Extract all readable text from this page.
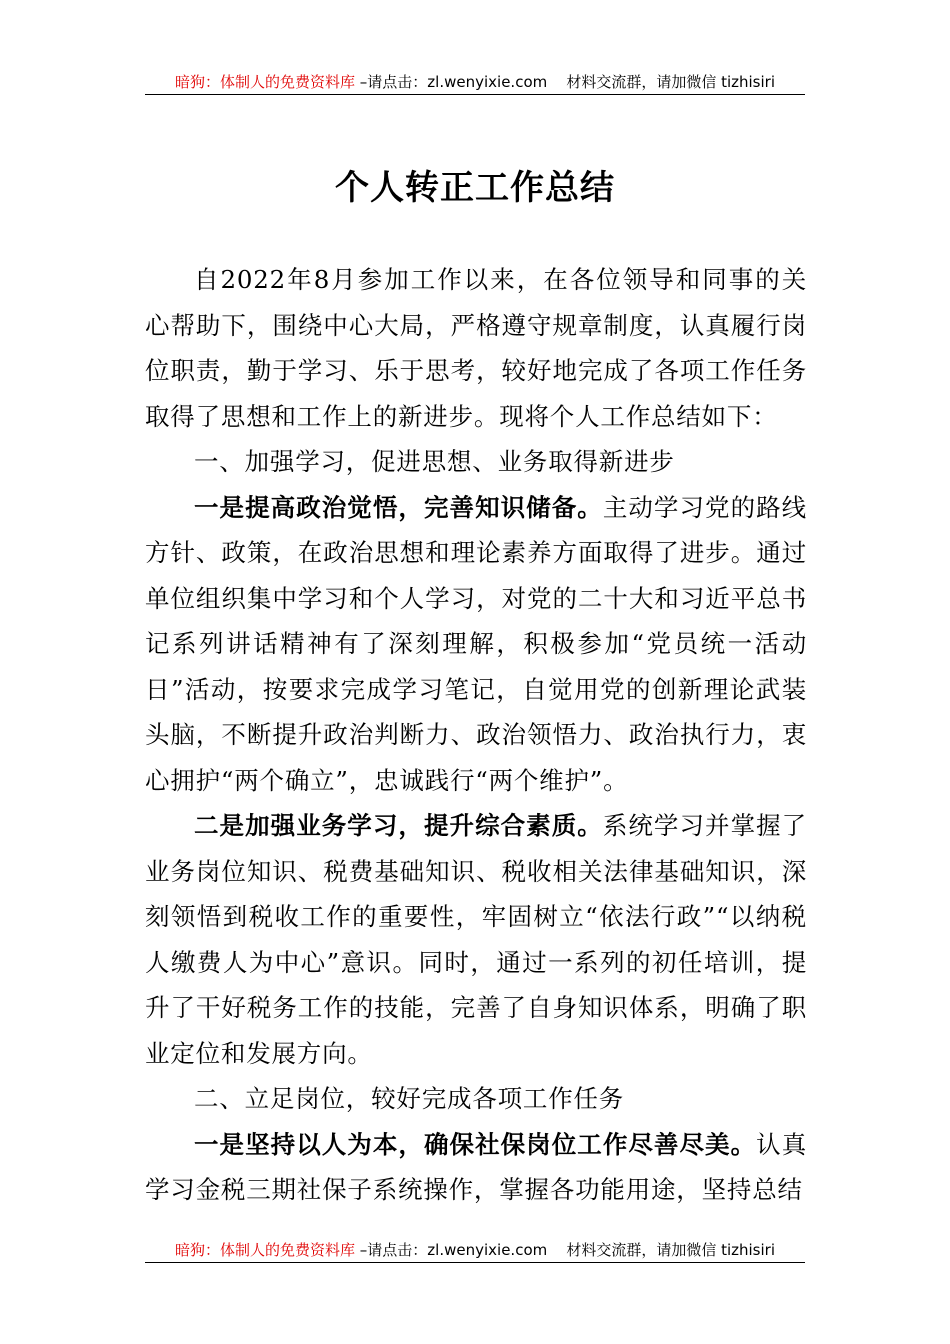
暗狗：体制人的免费资料库 –请点击：zl.wenyixie.com 材料交流群，请加微信 tizhisiri
个人转正工作总结

自2022年8月参加工作以来，在各位领导和同事的关心帮助下，围绕中心大局，严格遵守规章制度，认真履行岗位职责，勤于学习、乐于思考，较好地完成了各项工作任务取得了思想和工作上的新进步。现将个人工作总结如下：

一、加强学习，促进思想、业务取得新进步

一是提高政治觉悟，完善知识储备。主动学习党的路线方针、政策，在政治思想和理论素养方面取得了进步。通过单位组织集中学习和个人学习，对党的二十大和习近平总书记系列讲话精神有了深刻理解，积极参加“党员统一活动日”活动，按要求完成学习笔记，自觉用党的创新理论武装头脑，不断提升政治判断力、政治领悟力、政治执行力，衷心拥护“两个确立”，忠诚践行“两个维护”。

二是加强业务学习，提升综合素质。系统学习并掌握了业务岗位知识、税费基础知识、税收相关法律基础知识，深刻领悟到税收工作的重要性，牢固树立“依法行政”“以纳税人缴费人为中心”意识。同时，通过一系列的初任培训，提升了干好税务工作的技能，完善了自身知识体系，明确了职业定位和发展方向。

二、立足岗位，较好完成各项工作任务

一是坚持以人为本，确保社保岗位工作尽善尽美。认真学习金税三期社保子系统操作，掌握各功能用途，坚持总结

暗狗：体制人的免费资料库 –请点击：zl.wenyixie.com 材料交流群，请加微信 tizhisiri
